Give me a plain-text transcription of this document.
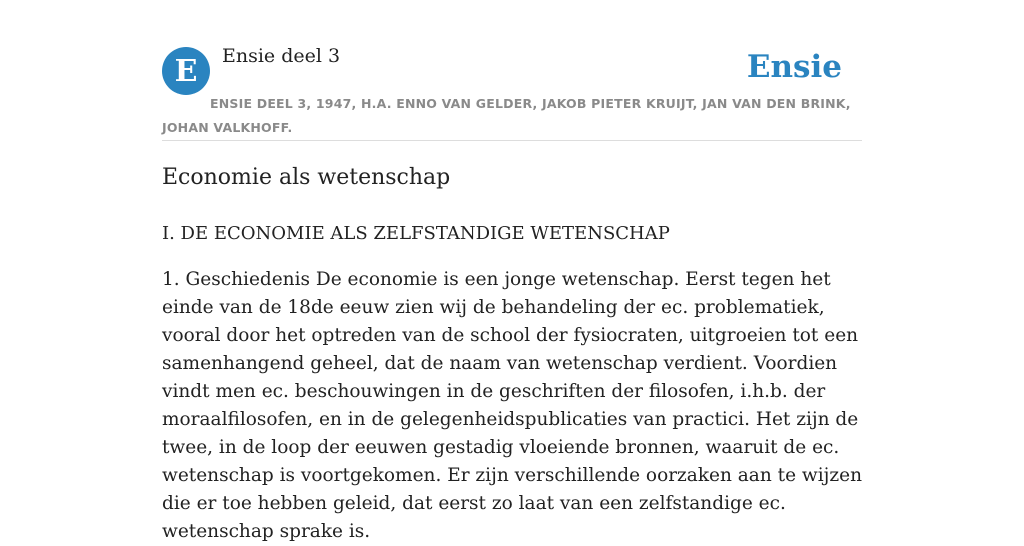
E	Ensie deel 3	Ensie

ENSIE DEEL 3, 1947, H.A. ENNO VAN GELDER, JAKOB PIETER KRUIJT, JAN VAN DEN BRINK, JOHAN VALKHOFF.

Economie als wetenschap
I. DE ECONOMIE ALS ZELFSTANDIGE WETENSCHAP

1. Geschiedenis De economie is een jonge wetenschap. Eerst tegen het einde van de 18de eeuw zien wij de behandeling der ec. problematiek, vooral door het optreden van de school der fysiocraten, uitgroeien tot een samenhangend geheel, dat de naam van wetenschap verdient. Voordien vindt men ec. beschouwingen in de geschriften der filosofen, i.h.b. der moraalfilosofen, en in de gelegenheidspublicaties van practici. Het zijn de twee, in de loop der eeuwen gestadig vloeiende bronnen, waaruit de ec. wetenschap is voortgekomen. Er zijn verschillende oorzaken aan te wijzen die er toe hebben geleid, dat eerst zo laat van een zelfstandige ec. wetenschap sprake is.
